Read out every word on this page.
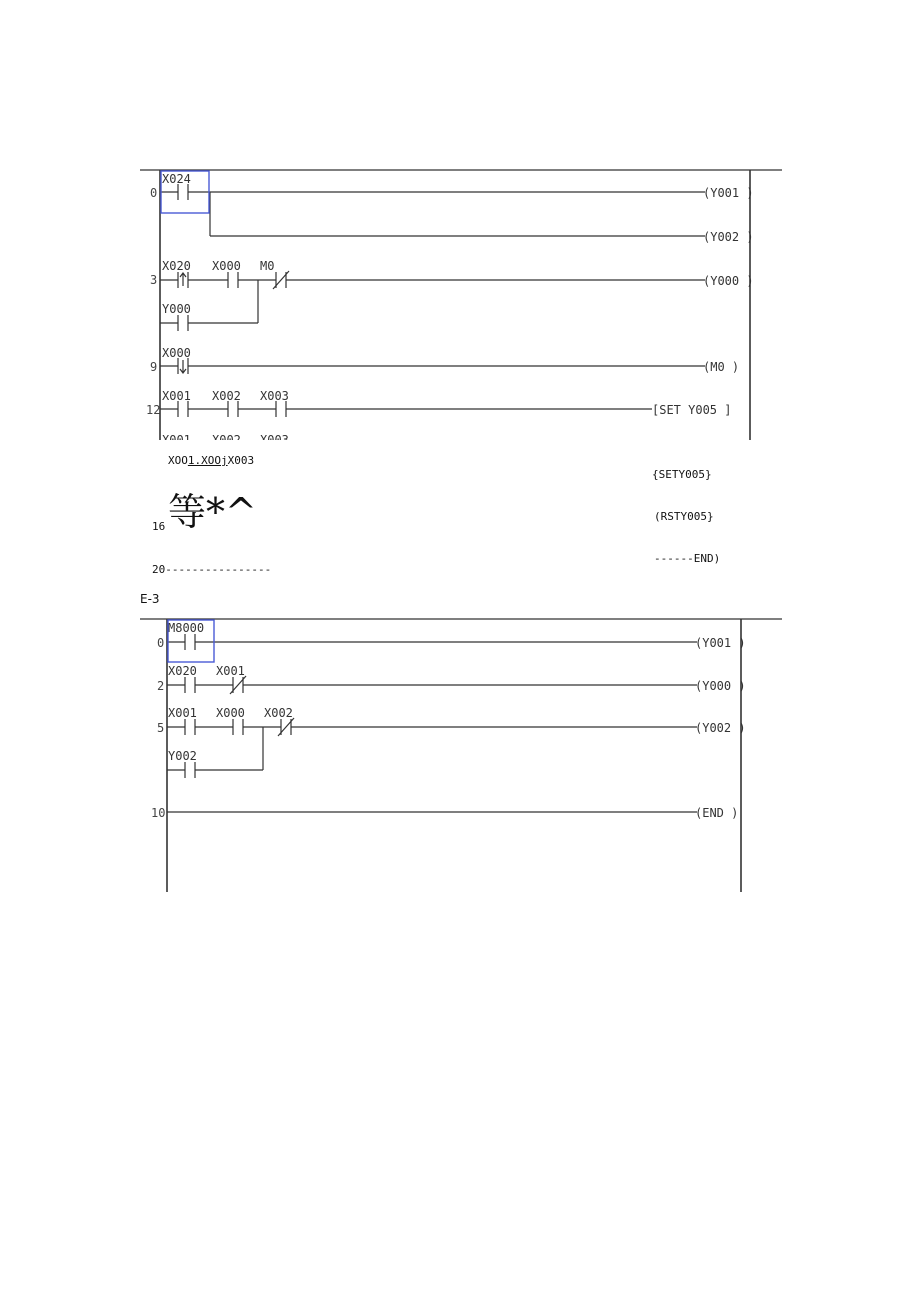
0
X024
(Y001 )
(Y002 )
3
X020 X000 M0
(Y000 )
Y000
9
X000
(M0 )
12
X001 X002 X003
[SET Y005 ]
0
M8000
(Y001 )
2
X020 X001
(Y000 )
5
X001 X000 X002
(Y002 )
Y002
10	(END )
XOO1.XOOjX003
{SETY005}
16 等*^	(RSTY005}
------END)
20----------------
E-3
